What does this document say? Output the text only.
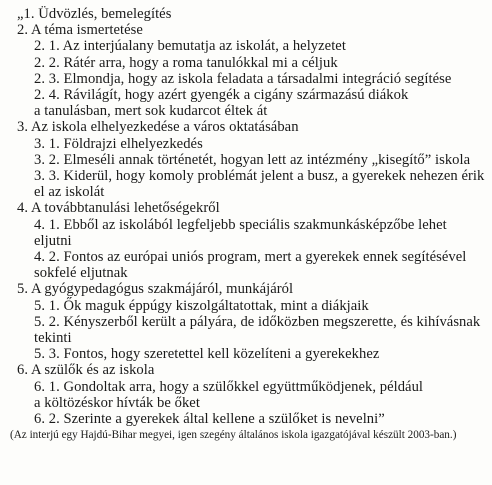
„1. Üdvözlés, bemelegítés

2. A téma ismertetése

2. 1. Az interjúalany bemutatja az iskolát, a helyzetet

2. 2. Rátér arra, hogy a roma tanulókkal mi a céljuk

2. 3. Elmondja, hogy az iskola feladata a társadalmi integráció segítése

2. 4. Rávilágít, hogy azért gyengék a cigány származású diákok

a tanulásban, mert sok kudarcot éltek át

3. Az iskola elhelyezkedése a város oktatásában

3. 1. Földrajzi elhelyezkedés

3. 2. Elmeséli annak történetét, hogyan lett az intézmény „kisegítő” iskola

3. 3. Kiderül, hogy komoly problémát jelent a busz, a gyerekek nehezen érik

el az iskolát

4. A továbbtanulási lehetőségekről

4. 1. Ebből az iskolából legfeljebb speciális szakmunkásképzőbe lehet

eljutni

4. 2. Fontos az európai uniós program, mert a gyerekek ennek segítésével

sokfelé eljutnak

5. A gyógypedagógus szakmájáról, munkájáról

5. 1. Ők maguk éppúgy kiszolgáltatottak, mint a diákjaik

5. 2. Kényszerből került a pályára, de időközben megszerette, és kihívásnak

tekinti

5. 3. Fontos, hogy szeretettel kell közelíteni a gyerekekhez

6. A szülők és az iskola

6. 1. Gondoltak arra, hogy a szülőkkel együttműködjenek, például

a költözéskor hívták be őket

6. 2. Szerinte a gyerekek által kellene a szülőket is nevelni”

(Az interjú egy Hajdú-Bihar megyei, igen szegény általános iskola igazgatójával készült 2003-ban.)
